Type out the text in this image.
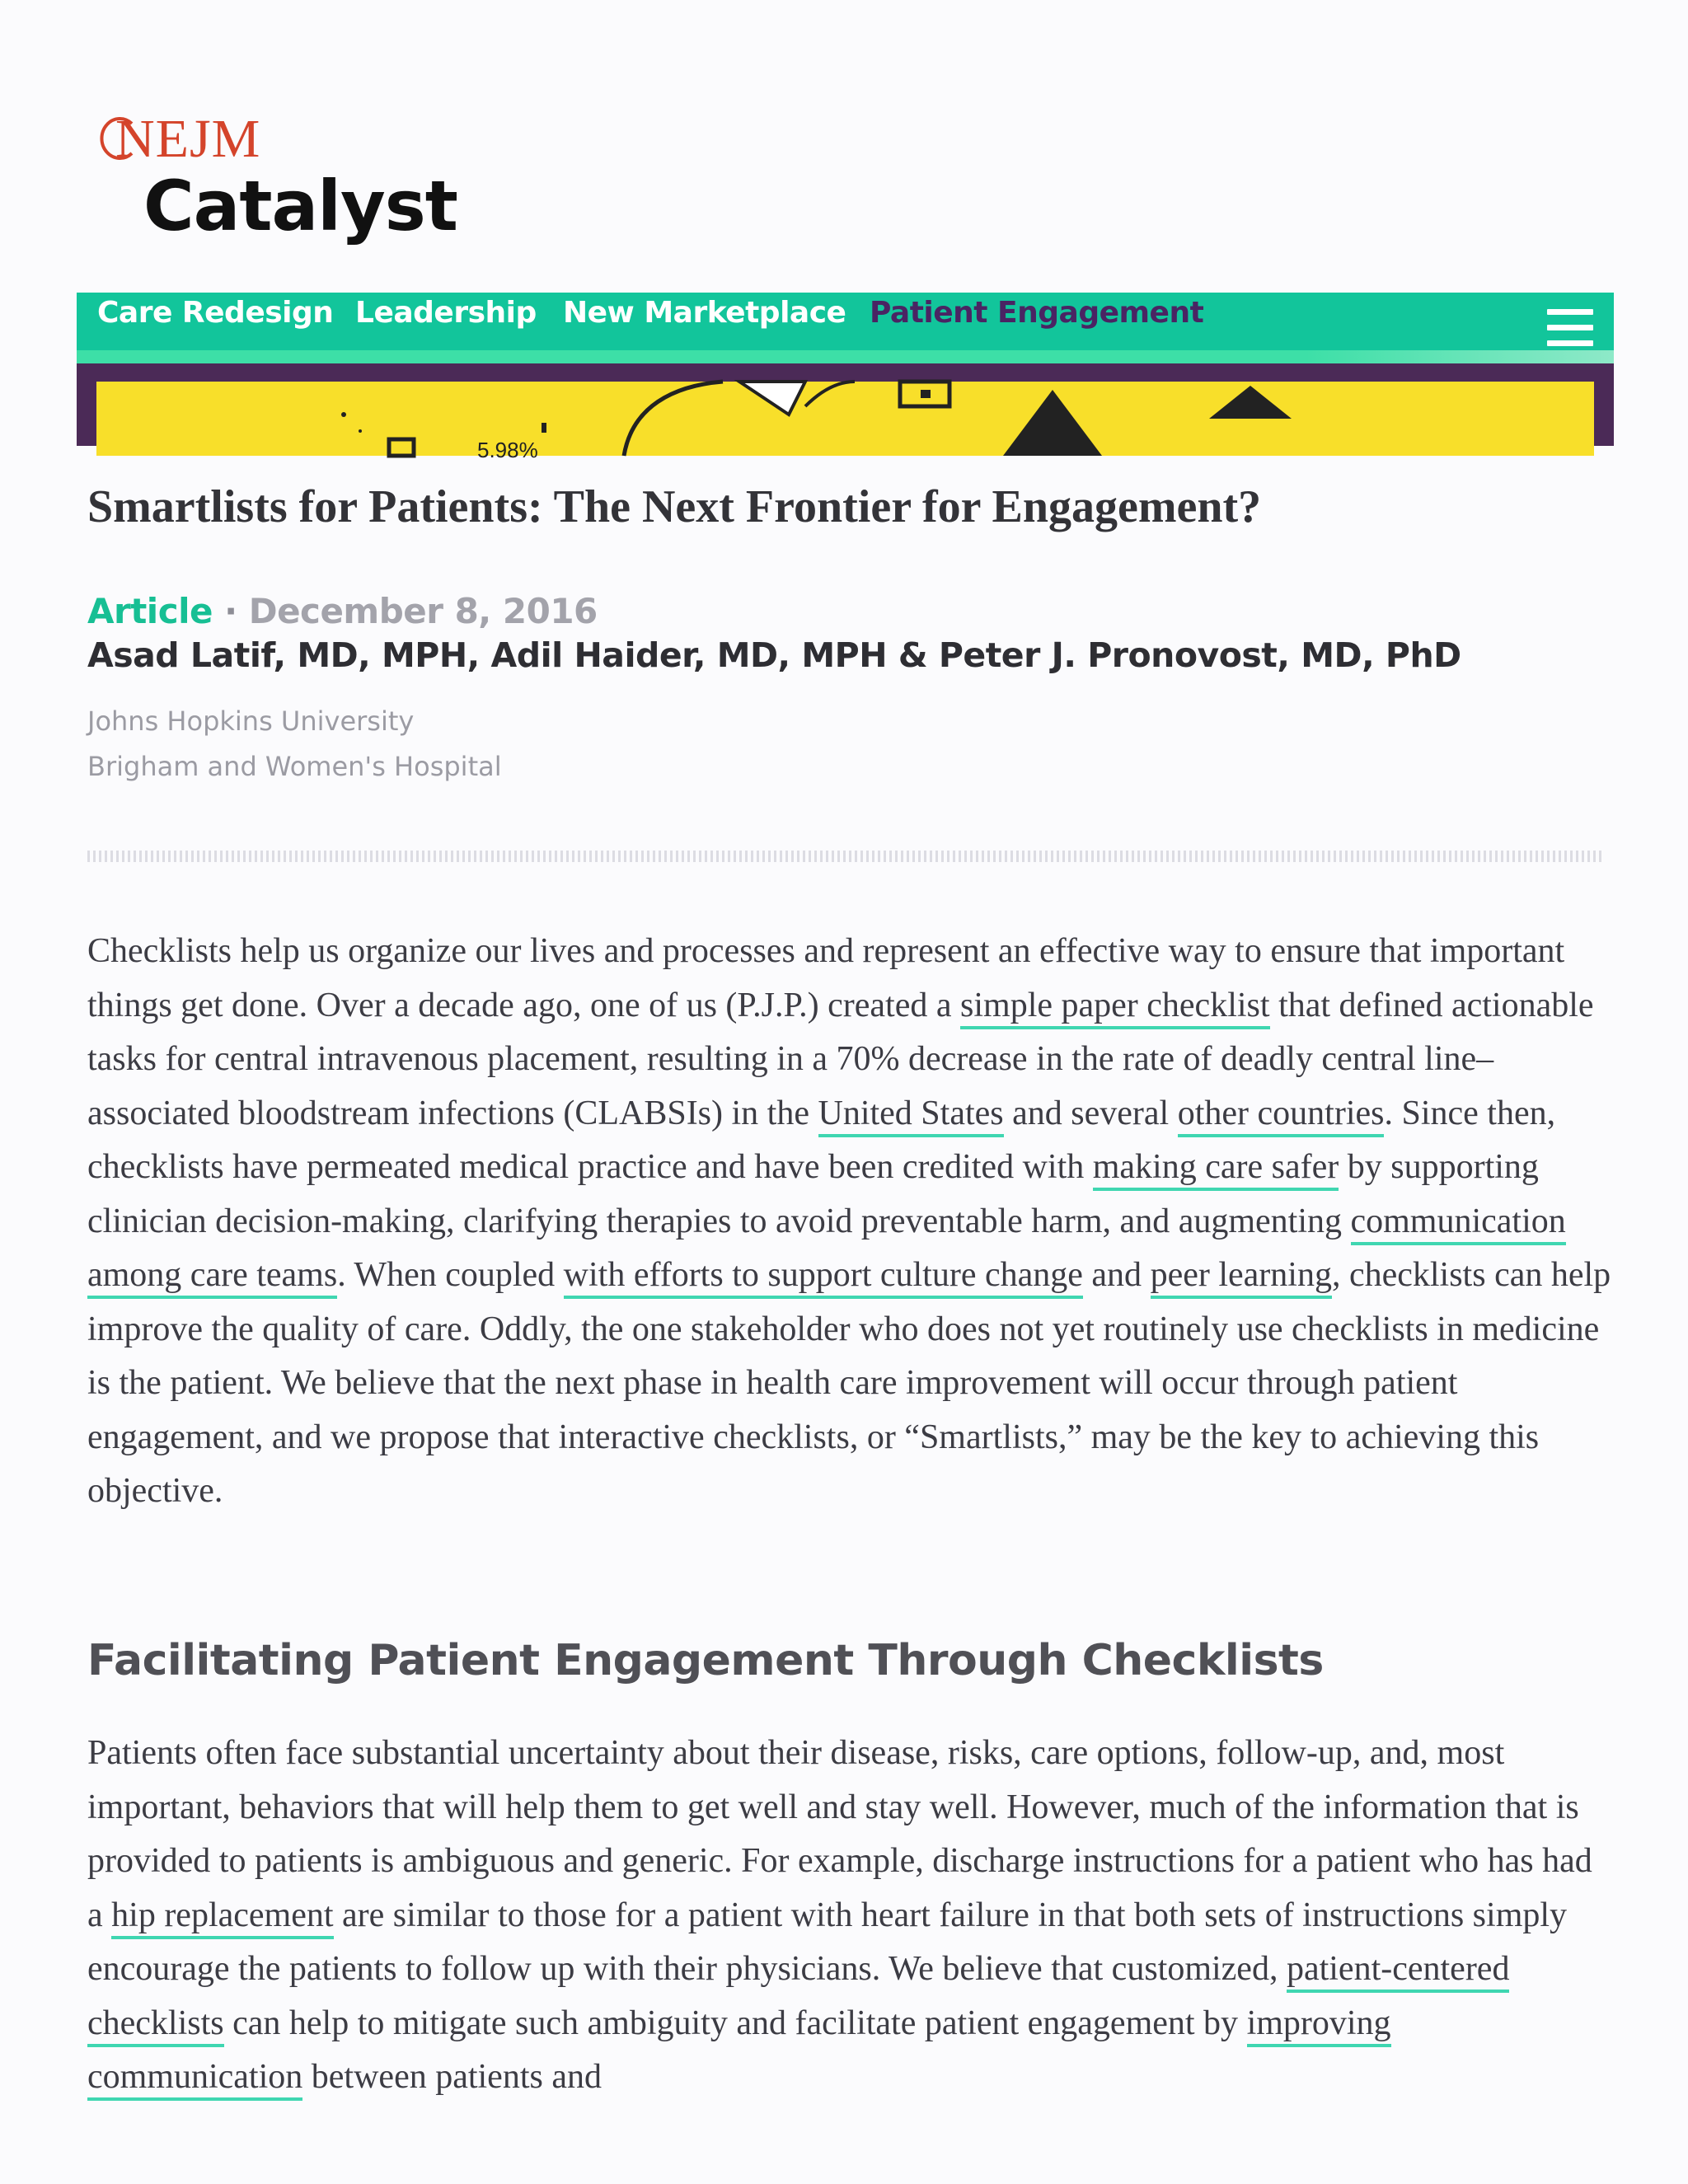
NEJM
Catalyst
Care Redesign Leadership New Marketplace Patient Engagement
5.98%
Smartlists for Patients: The Next Frontier for Engagement?
Article · December 8, 2016
Asad Latif, MD, MPH, Adil Haider, MD, MPH & Peter J. Pronovost, MD, PhD
Johns Hopkins University
Brigham and Women's Hospital

Checklists help us organize our lives and processes and represent an effective way to ensure that important things get done. Over a decade ago, one of us (P.J.P.) created a simple paper checklist that defined actionable tasks for central intravenous placement, resulting in a 70% decrease in the rate of deadly central line–associated bloodstream infections (CLABSIs) in the United States and several other countries. Since then, checklists have permeated medical practice and have been credited with making care safer by supporting clinician decision-making, clarifying therapies to avoid preventable harm, and augmenting communication among care teams. When coupled with efforts to support culture change and peer learning, checklists can help improve the quality of care. Oddly, the one stakeholder who does not yet routinely use checklists in medicine is the patient. We believe that the next phase in health care improvement will occur through patient engagement, and we propose that interactive checklists, or “Smartlists,” may be the key to achieving this objective.

Facilitating Patient Engagement Through Checklists

Patients often face substantial uncertainty about their disease, risks, care options, follow-up, and, most important, behaviors that will help them to get well and stay well. However, much of the information that is provided to patients is ambiguous and generic. For example, discharge instructions for a patient who has had a hip replacement are similar to those for a patient with heart failure in that both sets of instructions simply encourage the patients to follow up with their physicians. We believe that customized, patient-centered checklists can help to mitigate such ambiguity and facilitate patient engagement by improving communication between patients and
